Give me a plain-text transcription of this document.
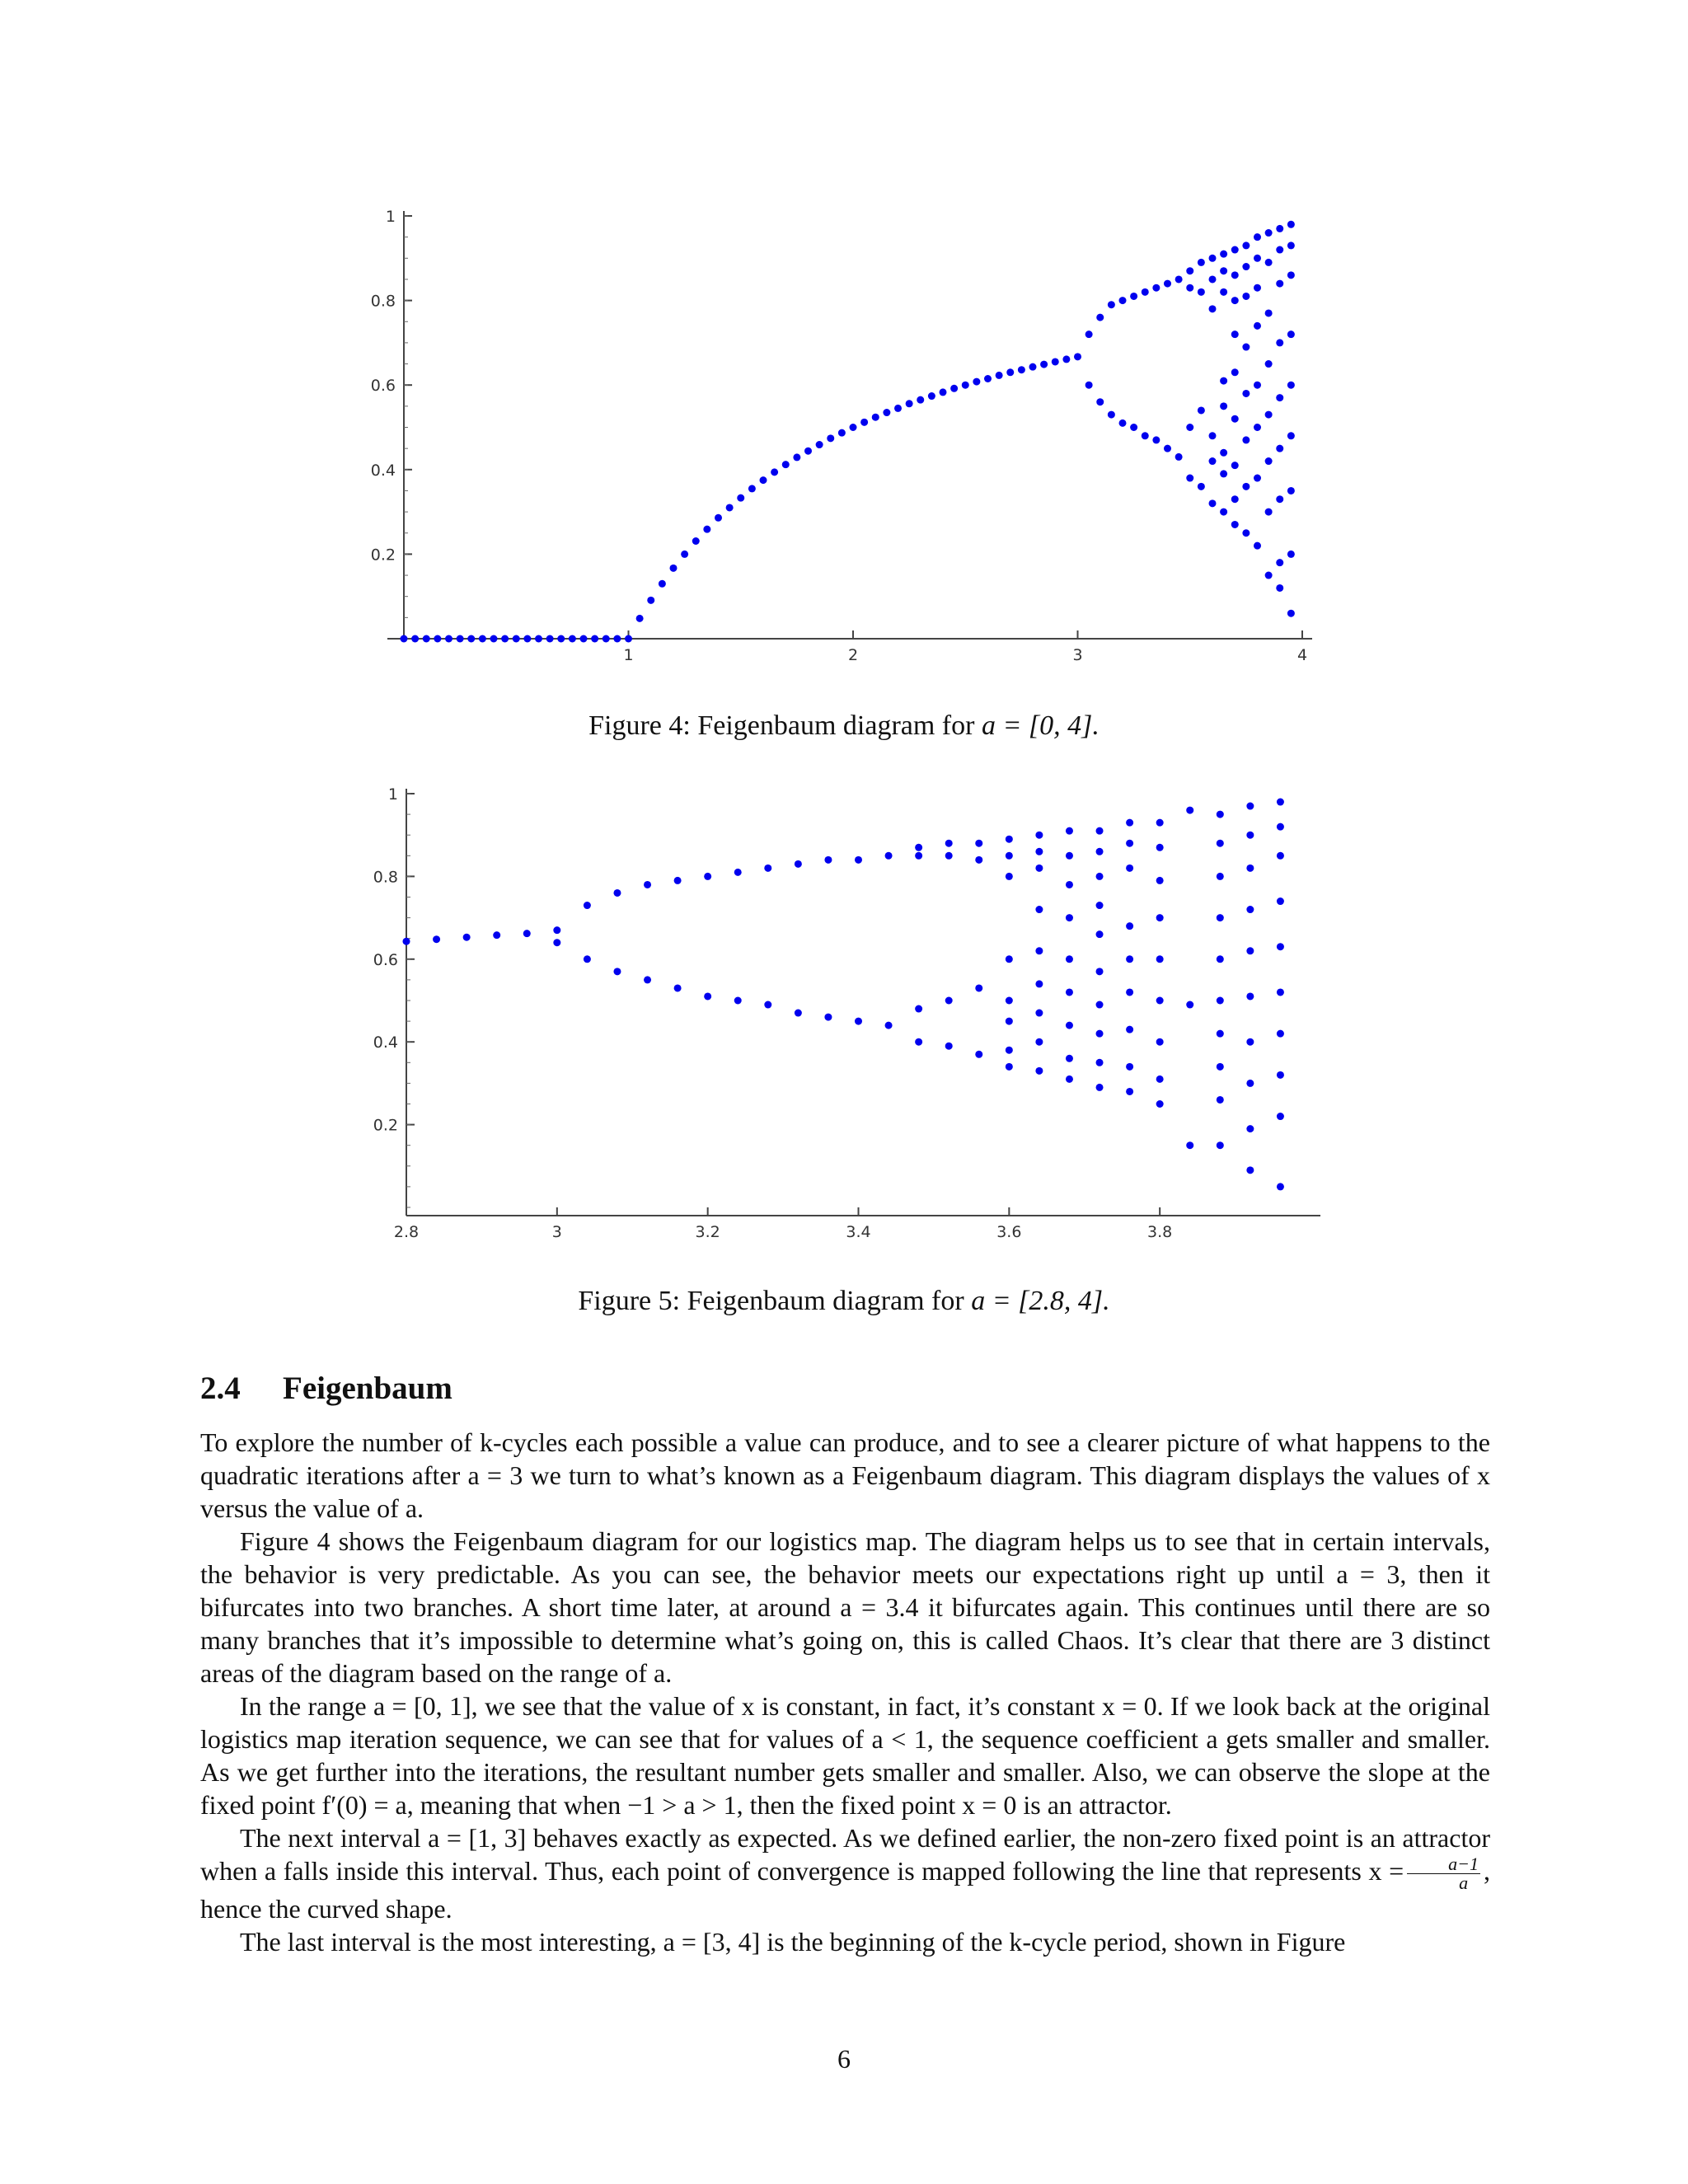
0.2
0.4
0.6
0.8
1
1	2	3	4
Figure 4: Feigenbaum diagram for a = [0, 4].
0.2
0.4
0.6
0.8
1
2.8	3	3.2	3.4	3.6	3.8
Figure 5: Feigenbaum diagram for a = [2.8, 4].
2.4 Feigenbaum

To explore the number of k-cycles each possible a value can produce, and to see a clearer picture of what happens to the quadratic iterations after a = 3 we turn to what’s known as a Feigenbaum diagram. This diagram displays the values of x versus the value of a.

Figure 4 shows the Feigenbaum diagram for our logistics map. The diagram helps us to see that in certain intervals, the behavior is very predictable. As you can see, the behavior meets our expectations right up until a = 3, then it bifurcates into two branches. A short time later, at around a = 3.4 it bifurcates again. This continues until there are so many branches that it’s impossible to determine what’s going on, this is called Chaos. It’s clear that there are 3 distinct areas of the diagram based on the range of a.

In the range a = [0, 1], we see that the value of x is constant, in fact, it’s constant x = 0. If we look back at the original logistics map iteration sequence, we can see that for values of a < 1, the sequence coefficient a gets smaller and smaller. As we get further into the iterations, the resultant number gets smaller and smaller. Also, we can observe the slope at the fixed point f′(0) = a, meaning that when −1 > a > 1, then the fixed point x = 0 is an attractor.

The next interval a = [1, 3] behaves exactly as expected. As we defined earlier, the non-zero fixed point is an attractor when a falls inside this interval. Thus, each point of convergence is mapped following the line that represents $x = \frac{a-1}{a}$ , hence the curved shape.

The last interval is the most interesting, a = [3, 4] is the beginning of the k-cycle period, shown in Figure

6
